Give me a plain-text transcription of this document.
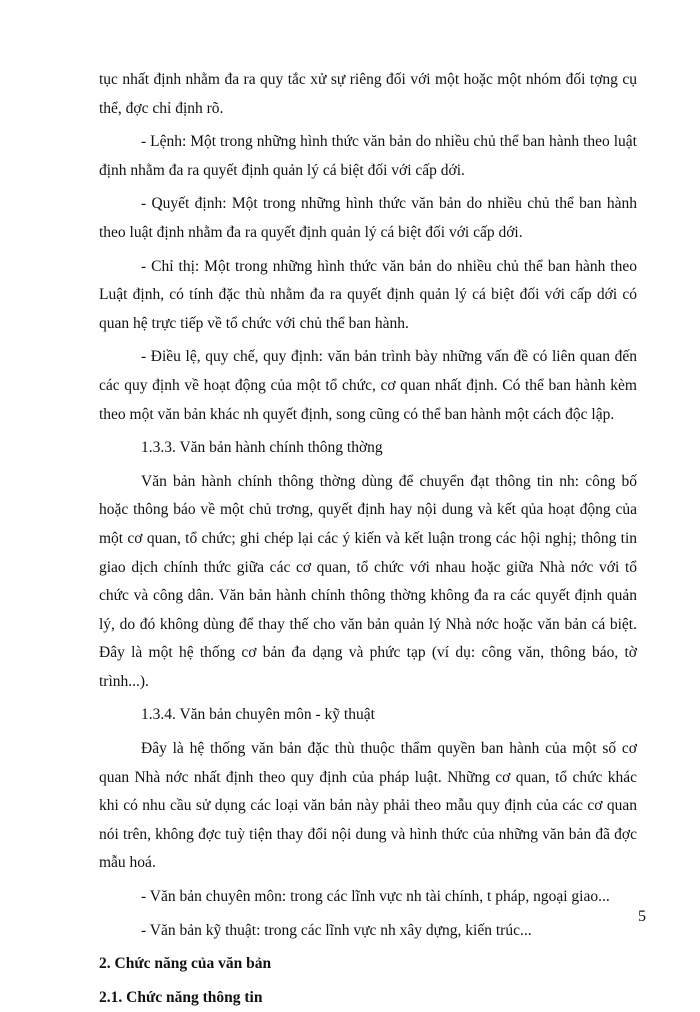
tục nhất định nhằm đa ra quy tắc xử sự riêng đối với một hoặc một nhóm đối tợng cụ thể, đợc chỉ định rõ.

- Lệnh: Một trong những hình thức văn bản do nhiều chủ thể ban hành theo luật định nhằm đa ra quyết định quản lý cá biệt đối với cấp dới.

- Quyết định: Một trong những hình thức văn bản do nhiều chủ thể ban hành theo luật định nhằm đa ra quyết định quản lý cá biệt đối với cấp dới.

- Chỉ thị: Một trong những hình thức văn bản do nhiều chủ thể ban hành theo Luật định, có tính đặc thù nhằm đa ra quyết định quản lý cá biệt đối với cấp dới có quan hệ trực tiếp về tổ chức với chủ thể ban hành.

- Điều lệ, quy chế, quy định: văn bản trình bày những vấn đề có liên quan đến các quy định về hoạt động của một tổ chức, cơ quan nhất định. Có thể ban hành kèm theo một văn bản khác nh quyết định, song cũng có thể ban hành một cách độc lập.

1.3.3. Văn bản hành chính thông thờng

Văn bản hành chính thông thờng dùng để chuyển đạt thông tin nh: công bố hoặc thông báo về một chủ trơng, quyết định hay nội dung và kết qủa hoạt động của một cơ quan, tổ chức; ghi chép lại các ý kiến và kết luận trong các hội nghị; thông tin giao dịch chính thức giữa các cơ quan, tổ chức với nhau hoặc giữa Nhà nớc với tổ chức và công dân. Văn bản hành chính thông thờng không đa ra các quyết định quản lý, do đó không dùng để thay thế cho văn bản quản lý Nhà nớc hoặc văn bản cá biệt. Đây là một hệ thống cơ bản đa dạng và phức tạp (ví dụ: công văn, thông báo, tờ trình...).

1.3.4. Văn bản chuyên môn - kỹ thuật

Đây là hệ thống văn bản đặc thù thuộc thẩm quyền ban hành của một số cơ quan Nhà nớc nhất định theo quy định của pháp luật. Những cơ quan, tổ chức khác khi có nhu cầu sử dụng các loại văn bản này phải theo mẫu quy định của các cơ quan nói trên, không đợc tuỳ tiện thay đổi nội dung và hình thức của những văn bản đã đợc mẫu hoá.

- Văn bản chuyên môn: trong các lĩnh vực nh tài chính, t pháp, ngoại giao...

- Văn bản kỹ thuật: trong các lĩnh vực nh xây dựng, kiến trúc...

2. Chức năng của văn bản

2.1. Chức năng thông tin

5
